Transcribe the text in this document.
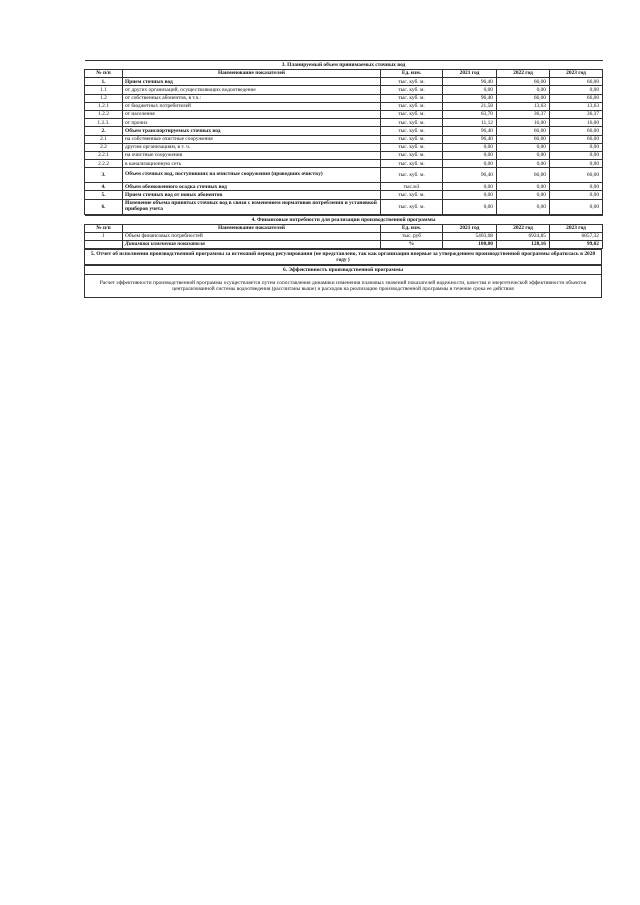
3. Планируемый объем принимаемых сточных вод					
№ п/п	Наименование показателей	Ед. изм.	2021 год	2022 год	2023 год
1.	Прием сточных вод	тыс. куб. м.	96,40	66,00	66,00
1.1	от других организаций, осуществляющих водоотведение	тыс. куб. м.	0,00	0,00	0,00
1.2	от собственных абонентов, в т.ч.:	тыс. куб. м.	96,40	66,00	66,00
1.2.1	от бюджетных потребителей	тыс. куб. м.	21,58	13,63	13,63
1.2.2	от населения	тыс. куб. м.	63,70	36,37	36,37
1.2.3.	от прочих	тыс. куб. м.	11,12	16,00	16,00
2.	Объем транспортируемых сточных вод	тыс. куб. м.	96,40	66,00	66,00
2.1	на собственные очистные сооружения	тыс. куб. м.	96,40	66,00	66,00
2.2	другим организациям, в т. ч.	тыс. куб. м.	0,00	0,00	0,00
2.2.1	на очистные сооружения	тыс. куб. м.	0,00	0,00	0,00
2.2.2	в канализационную сеть	тыс. куб. м.	0,00	0,00	0,00
3.	Объем сточных вод, поступивших на очистные сооружения (проведших очистку)	тыс. куб. м.	96,40	66,00	66,00
4.	Объем обезвоженного осадка сточных вод	тыс.м3	0,00	0,00	0,00
5.	Прием сточных вод от новых абонентов	тыс. куб. м.	0,00	0,00	0,00
6.	Изменение объема принятых сточных вод в связи с изменением нормативов потребления и установкой приборов учета	тыс. куб. м.	0,00	0,00	0,00
4. Финансовые потребности для реализации производственной программы					
№ п/п	Наименование показателей	Ед. изм.	2021 год	2022 год	2023 год
1	Объем финансовых потребностей	тыс. руб	5403,08	6924,85	6857,32
	Динамика изменения показателя	%	100,00	128,16	99,02
5. Отчет об исполнении производственной программы за истекший период регулирования (не представлено, так как организация впервые за утверждением производственной программы обратилась в 2020 году )
6. Эффективность производственной программы
Расчет эффективности производственной программы осуществляется путем сопоставления динамики изменения плановых значений показателей надежности, качества и энергетической эффективности объектов централизованной системы водоотведения (рассчитаны выше) и расходов на реализацию производственной программы в течение срока ее действия
